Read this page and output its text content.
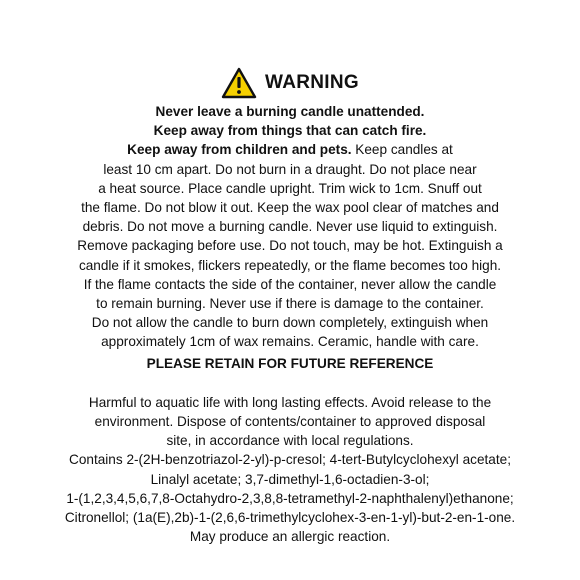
WARNING
Never leave a burning candle unattended.
Keep away from things that can catch fire.
Keep away from children and pets. Keep candles at
least 10 cm apart. Do not burn in a draught. Do not place near
a heat source. Place candle upright. Trim wick to 1cm. Snuff out
the flame. Do not blow it out. Keep the wax pool clear of matches and
debris. Do not move a burning candle. Never use liquid to extinguish.
Remove packaging before use. Do not touch, may be hot. Extinguish a
candle if it smokes, flickers repeatedly, or the flame becomes too high.
If the flame contacts the side of the container, never allow the candle
to remain burning. Never use if there is damage to the container.
Do not allow the candle to burn down completely, extinguish when
approximately 1cm of wax remains. Ceramic, handle with care.
PLEASE RETAIN FOR FUTURE REFERENCE
Harmful to aquatic life with long lasting effects. Avoid release to the
environment. Dispose of contents/container to approved disposal
site, in accordance with local regulations.
Contains 2-(2H-benzotriazol-2-yl)-p-cresol; 4-tert-Butylcyclohexyl acetate;
Linalyl acetate; 3,7-dimethyl-1,6-octadien-3-ol;
1-(1,2,3,4,5,6,7,8-Octahydro-2,3,8,8-tetramethyl-2-naphthalenyl)ethanone;
Citronellol; (1a(E),2b)-1-(2,6,6-trimethylcyclohex-3-en-1-yl)-but-2-en-1-one.
May produce an allergic reaction.
